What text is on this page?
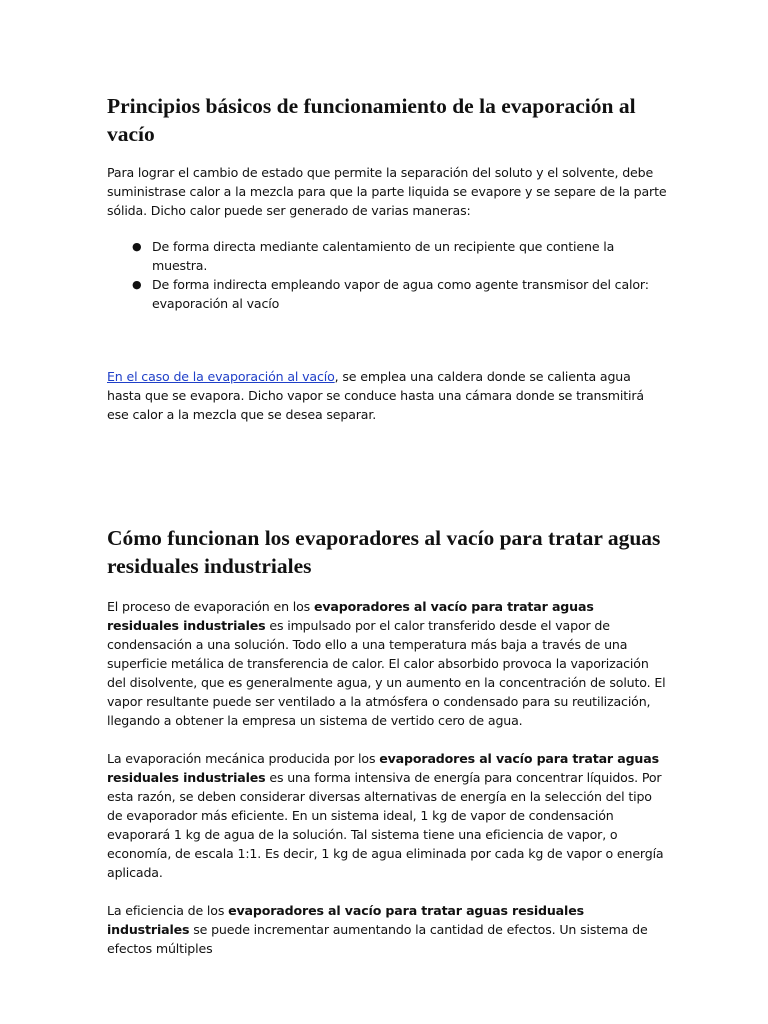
Principios básicos de funcionamiento de la evaporación al vacío

Para lograr el cambio de estado que permite la separación del soluto y el solvente, debe suministrase calor a la mezcla para que la parte liquida se evapore y se separe de la parte sólida. Dicho calor puede ser generado de varias maneras:

● De forma directa mediante calentamiento de un recipiente que contiene la muestra.
● De forma indirecta empleando vapor de agua como agente transmisor del calor: evaporación al vacío

En el caso de la evaporación al vacío, se emplea una caldera donde se calienta agua hasta que se evapora. Dicho vapor se conduce hasta una cámara donde se transmitirá ese calor a la mezcla que se desea separar.

Cómo funcionan los evaporadores al vacío para tratar aguas residuales industriales

El proceso de evaporación en los evaporadores al vacío para tratar aguas residuales industriales es impulsado por el calor transferido desde el vapor de condensación a una solución. Todo ello a una temperatura más baja a través de una superficie metálica de transferencia de calor. El calor absorbido provoca la vaporización del disolvente, que es generalmente agua, y un aumento en la concentración de soluto. El vapor resultante puede ser ventilado a la atmósfera o condensado para su reutilización, llegando a obtener la empresa un sistema de vertido cero de agua.

La evaporación mecánica producida por los evaporadores al vacío para tratar aguas residuales industriales es una forma intensiva de energía para concentrar líquidos. Por esta razón, se deben considerar diversas alternativas de energía en la selección del tipo de evaporador más eficiente. En un sistema ideal, 1 kg de vapor de condensación evaporará 1 kg de agua de la solución. Tal sistema tiene una eficiencia de vapor, o economía, de escala 1:1. Es decir, 1 kg de agua eliminada por cada kg de vapor o energía aplicada.

La eficiencia de los evaporadores al vacío para tratar aguas residuales industriales se puede incrementar aumentando la cantidad de efectos. Un sistema de efectos múltiples
